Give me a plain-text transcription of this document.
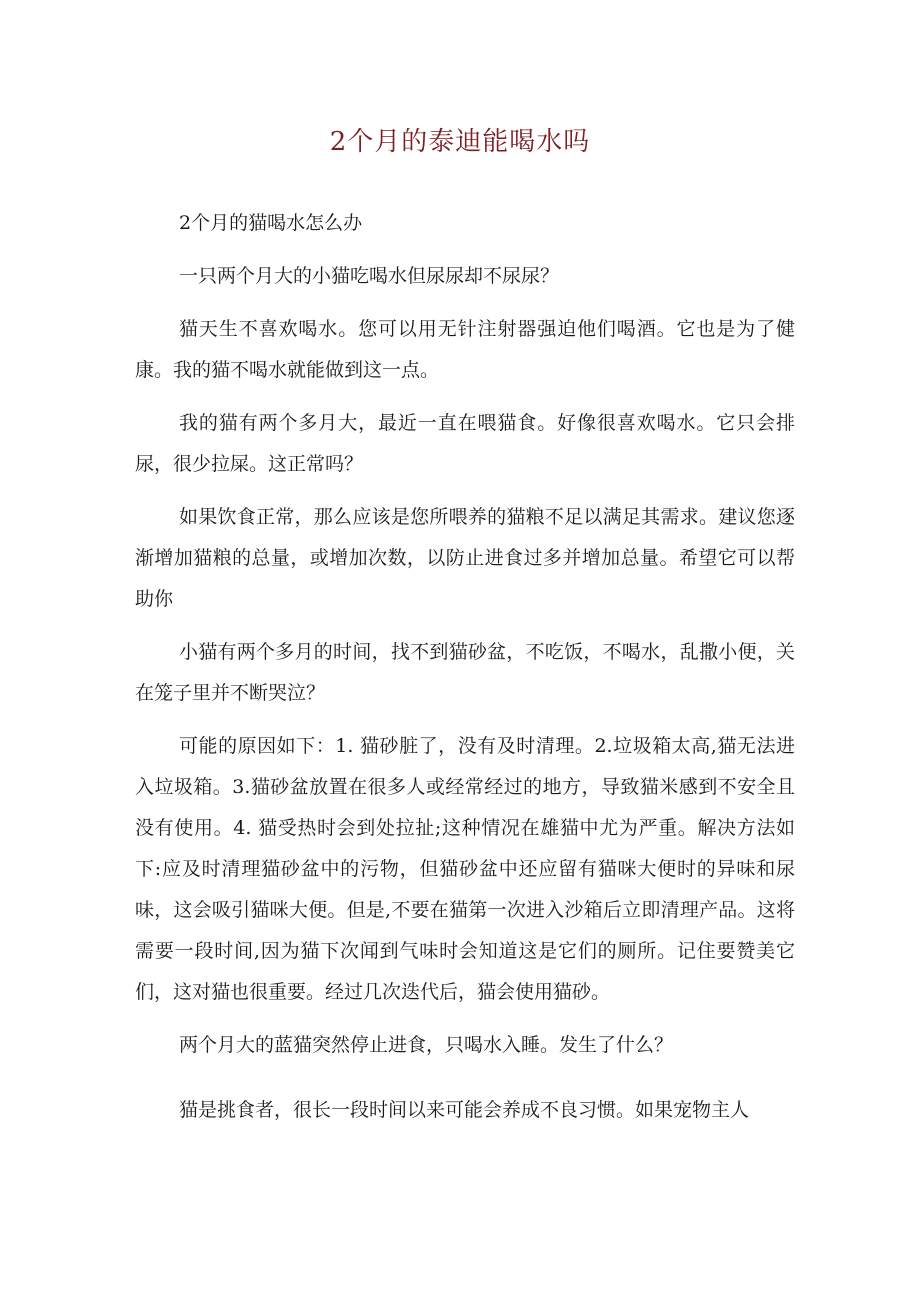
2个月的泰迪能喝水吗

2个月的猫喝水怎么办

一只两个月大的小猫吃喝水但尿尿却不尿尿？

猫天生不喜欢喝水。您可以用无针注射器强迫他们喝酒。它也是为了健康。我的猫不喝水就能做到这一点。

我的猫有两个多月大，最近一直在喂猫食。好像很喜欢喝水。它只会排尿，很少拉屎。这正常吗？

如果饮食正常，那么应该是您所喂养的猫粮不足以满足其需求。建议您逐渐增加猫粮的总量，或增加次数，以防止进食过多并增加总量。希望它可以帮助你

小猫有两个多月的时间，找不到猫砂盆，不吃饭，不喝水，乱撒小便，关在笼子里并不断哭泣？

可能的原因如下：1. 猫砂脏了，没有及时清理。2.垃圾箱太高,猫无法进入垃圾箱。3.猫砂盆放置在很多人或经常经过的地方，导致猫米感到不安全且没有使用。4. 猫受热时会到处拉扯;这种情况在雄猫中尤为严重。解决方法如下:应及时清理猫砂盆中的污物，但猫砂盆中还应留有猫咪大便时的异味和尿味，这会吸引猫咪大便。但是,不要在猫第一次进入沙箱后立即清理产品。这将需要一段时间,因为猫下次闻到气味时会知道这是它们的厕所。记住要赞美它们，这对猫也很重要。经过几次迭代后，猫会使用猫砂。

两个月大的蓝猫突然停止进食，只喝水入睡。发生了什么？

猫是挑食者，很长一段时间以来可能会养成不良习惯。如果宠物主人
